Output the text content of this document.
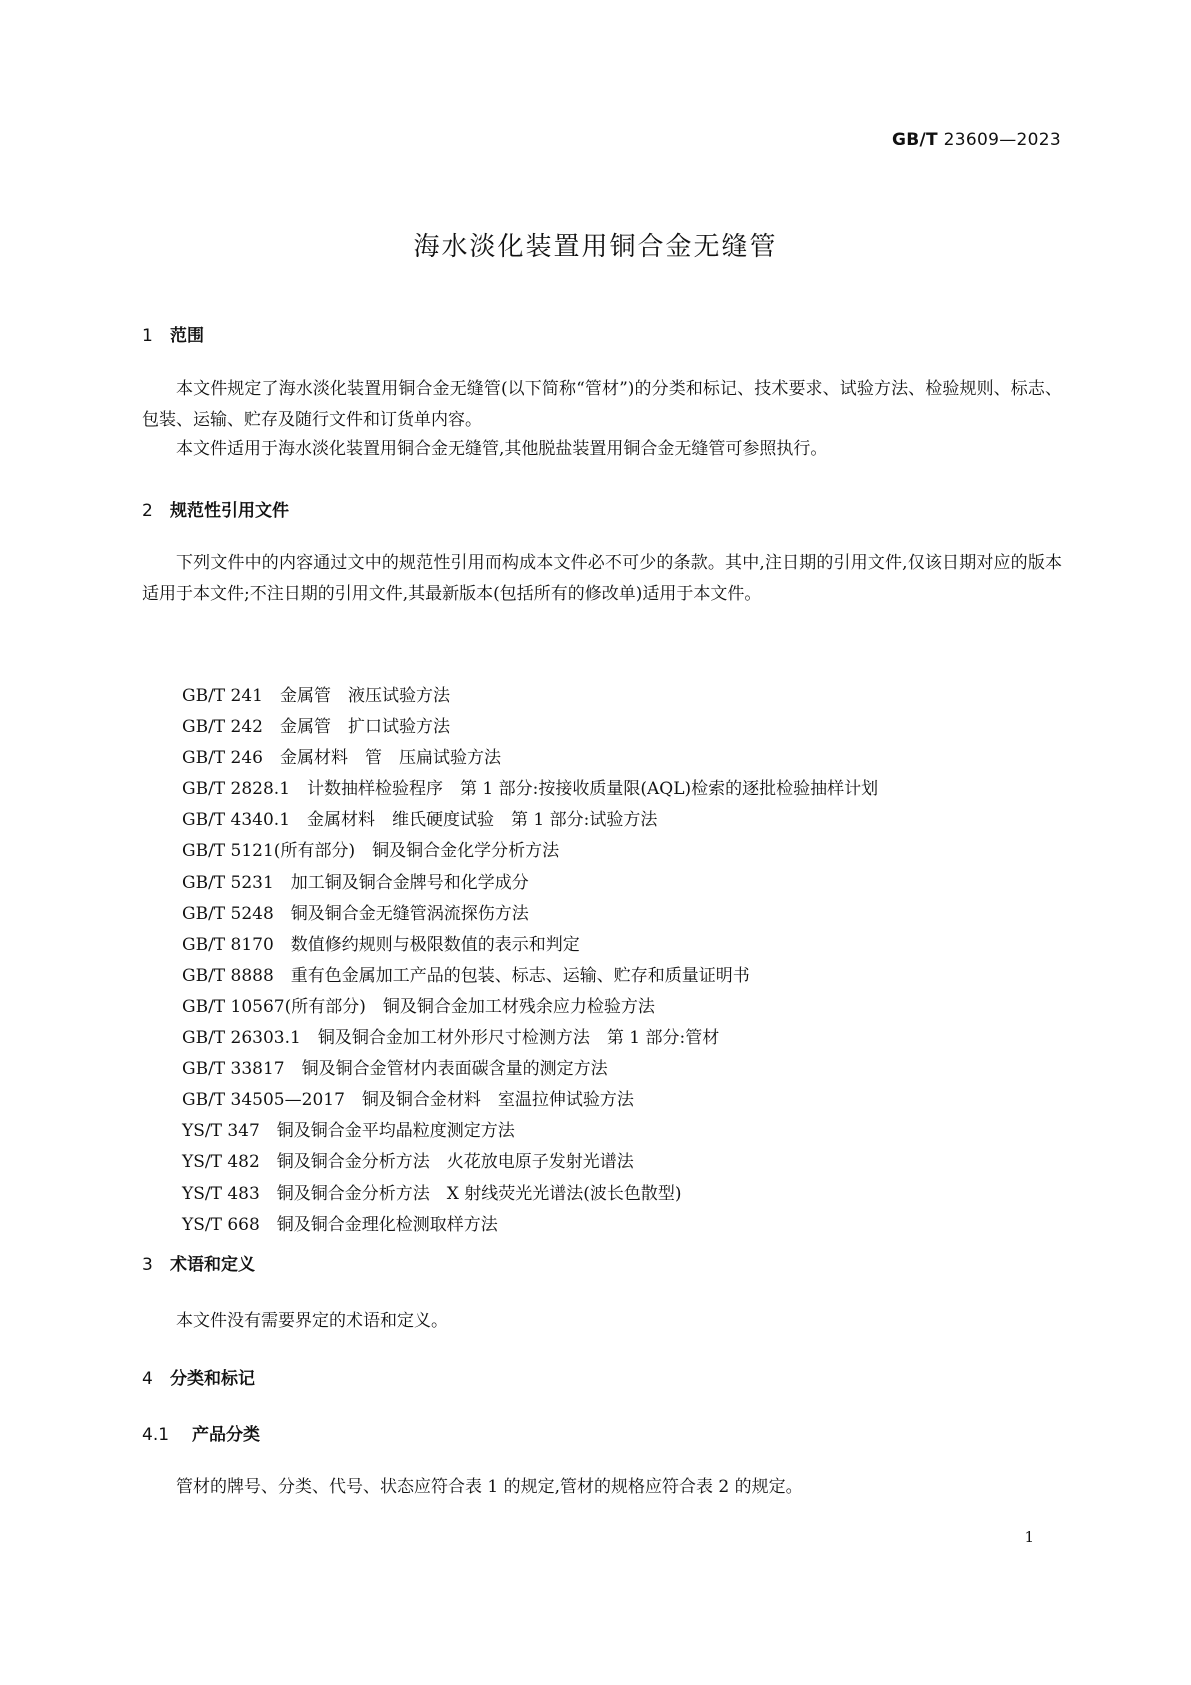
GB/T 23609—2023
海水淡化装置用铜合金无缝管
1 范围

本文件规定了海水淡化装置用铜合金无缝管(以下简称“管材”)的分类和标记、技术要求、试验方法、检验规则、标志、包装、运输、贮存及随行文件和订货单内容。

本文件适用于海水淡化装置用铜合金无缝管,其他脱盐装置用铜合金无缝管可参照执行。

2 规范性引用文件

下列文件中的内容通过文中的规范性引用而构成本文件必不可少的条款。其中,注日期的引用文件,仅该日期对应的版本适用于本文件;不注日期的引用文件,其最新版本(包括所有的修改单)适用于本文件。

GB/T 241　金属管　液压试验方法
GB/T 242　金属管　扩口试验方法
GB/T 246　金属材料　管　压扁试验方法
GB/T 2828.1　计数抽样检验程序　第 1 部分:按接收质量限(AQL)检索的逐批检验抽样计划
GB/T 4340.1　金属材料　维氏硬度试验　第 1 部分:试验方法
GB/T 5121(所有部分)　铜及铜合金化学分析方法
GB/T 5231　加工铜及铜合金牌号和化学成分
GB/T 5248　铜及铜合金无缝管涡流探伤方法
GB/T 8170　数值修约规则与极限数值的表示和判定
GB/T 8888　重有色金属加工产品的包装、标志、运输、贮存和质量证明书
GB/T 10567(所有部分)　铜及铜合金加工材残余应力检验方法
GB/T 26303.1　铜及铜合金加工材外形尺寸检测方法　第 1 部分:管材
GB/T 33817　铜及铜合金管材内表面碳含量的测定方法
GB/T 34505—2017　铜及铜合金材料　室温拉伸试验方法
YS/T 347　铜及铜合金平均晶粒度测定方法
YS/T 482　铜及铜合金分析方法　火花放电原子发射光谱法
YS/T 483　铜及铜合金分析方法　X 射线荧光光谱法(波长色散型)
YS/T 668　铜及铜合金理化检测取样方法
3 术语和定义

本文件没有需要界定的术语和定义。

4 分类和标记
4.1 产品分类

管材的牌号、分类、代号、状态应符合表 1 的规定,管材的规格应符合表 2 的规定。

1
